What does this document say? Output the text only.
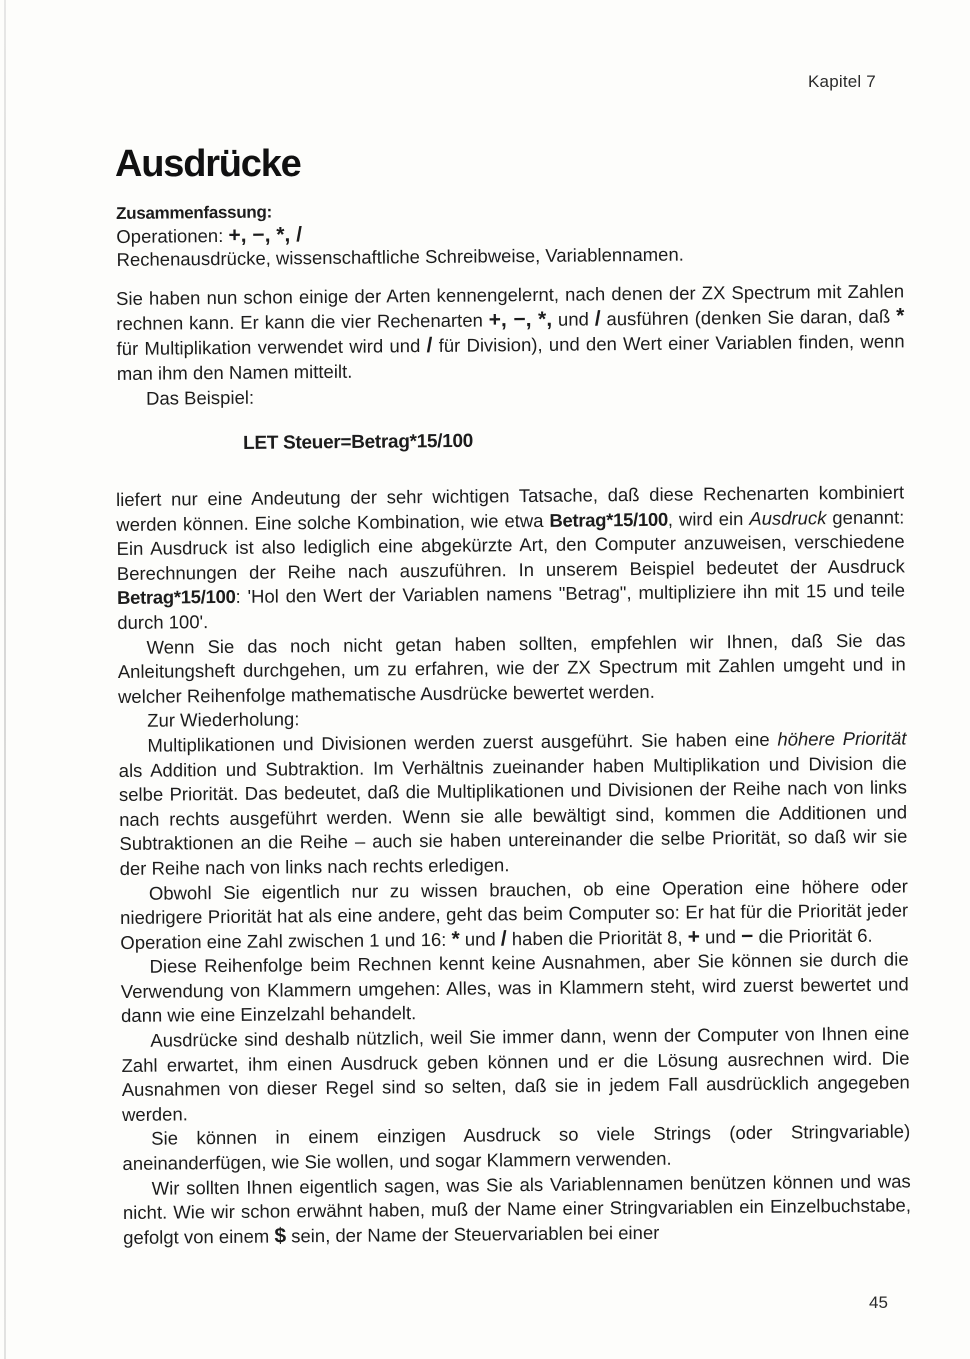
Kapitel 7
Ausdrücke

Zusammenfassung:

Operationen: +, −, *, /

Rechenausdrücke, wissenschaftliche Schreibweise, Variablennamen.

Sie haben nun schon einige der Arten kennengelernt, nach denen der ZX Spectrum mit Zahlen rechnen kann. Er kann die vier Rechenarten +, −, *, und / ausführen (denken Sie daran, daß * für Multiplikation verwendet wird und / für Division), und den Wert einer Variablen finden, wenn man ihm den Namen mitteilt.

Das Beispiel:

LET Steuer=Betrag*15/100

liefert nur eine Andeutung der sehr wichtigen Tatsache, daß diese Rechenarten kombiniert werden können. Eine solche Kombination, wie etwa Betrag*15/100, wird ein Ausdruck genannt: Ein Ausdruck ist also lediglich eine abgekürzte Art, den Computer anzuweisen, verschiedene Berechnungen der Reihe nach auszuführen. In unserem Beispiel bedeutet der Ausdruck Betrag*15/100: 'Hol den Wert der Variablen namens "Betrag", multipliziere ihn mit 15 und teile durch 100'.

Wenn Sie das noch nicht getan haben sollten, empfehlen wir Ihnen, daß Sie das Anleitungsheft durchgehen, um zu erfahren, wie der ZX Spectrum mit Zahlen umgeht und in welcher Reihenfolge mathematische Ausdrücke bewertet werden.

Zur Wiederholung:

Multiplikationen und Divisionen werden zuerst ausgeführt. Sie haben eine höhere Priorität als Addition und Subtraktion. Im Verhältnis zueinander haben Multiplikation und Division die selbe Priorität. Das bedeutet, daß die Multiplikationen und Divisionen der Reihe nach von links nach rechts ausgeführt werden. Wenn sie alle bewältigt sind, kommen die Additionen und Subtraktionen an die Reihe – auch sie haben untereinander die selbe Priorität, so daß wir sie der Reihe nach von links nach rechts erledigen.

Obwohl Sie eigentlich nur zu wissen brauchen, ob eine Operation eine höhere oder niedrigere Priorität hat als eine andere, geht das beim Computer so: Er hat für die Priorität jeder Operation eine Zahl zwischen 1 und 16: * und / haben die Priorität 8, + und − die Priorität 6.

Diese Reihenfolge beim Rechnen kennt keine Ausnahmen, aber Sie können sie durch die Verwendung von Klammern umgehen: Alles, was in Klammern steht, wird zuerst bewertet und dann wie eine Einzelzahl behandelt.

Ausdrücke sind deshalb nützlich, weil Sie immer dann, wenn der Computer von Ihnen eine Zahl erwartet, ihm einen Ausdruck geben können und er die Lösung ausrechnen wird. Die Ausnahmen von dieser Regel sind so selten, daß sie in jedem Fall ausdrücklich angegeben werden.

Sie können in einem einzigen Ausdruck so viele Strings (oder Stringvariable) aneinanderfügen, wie Sie wollen, und sogar Klammern verwenden.

Wir sollten Ihnen eigentlich sagen, was Sie als Variablennamen benützen können und was nicht. Wie wir schon erwähnt haben, muß der Name einer Stringvariablen ein Einzelbuchstabe, gefolgt von einem $ sein, der Name der Steuervariablen bei einer

45
